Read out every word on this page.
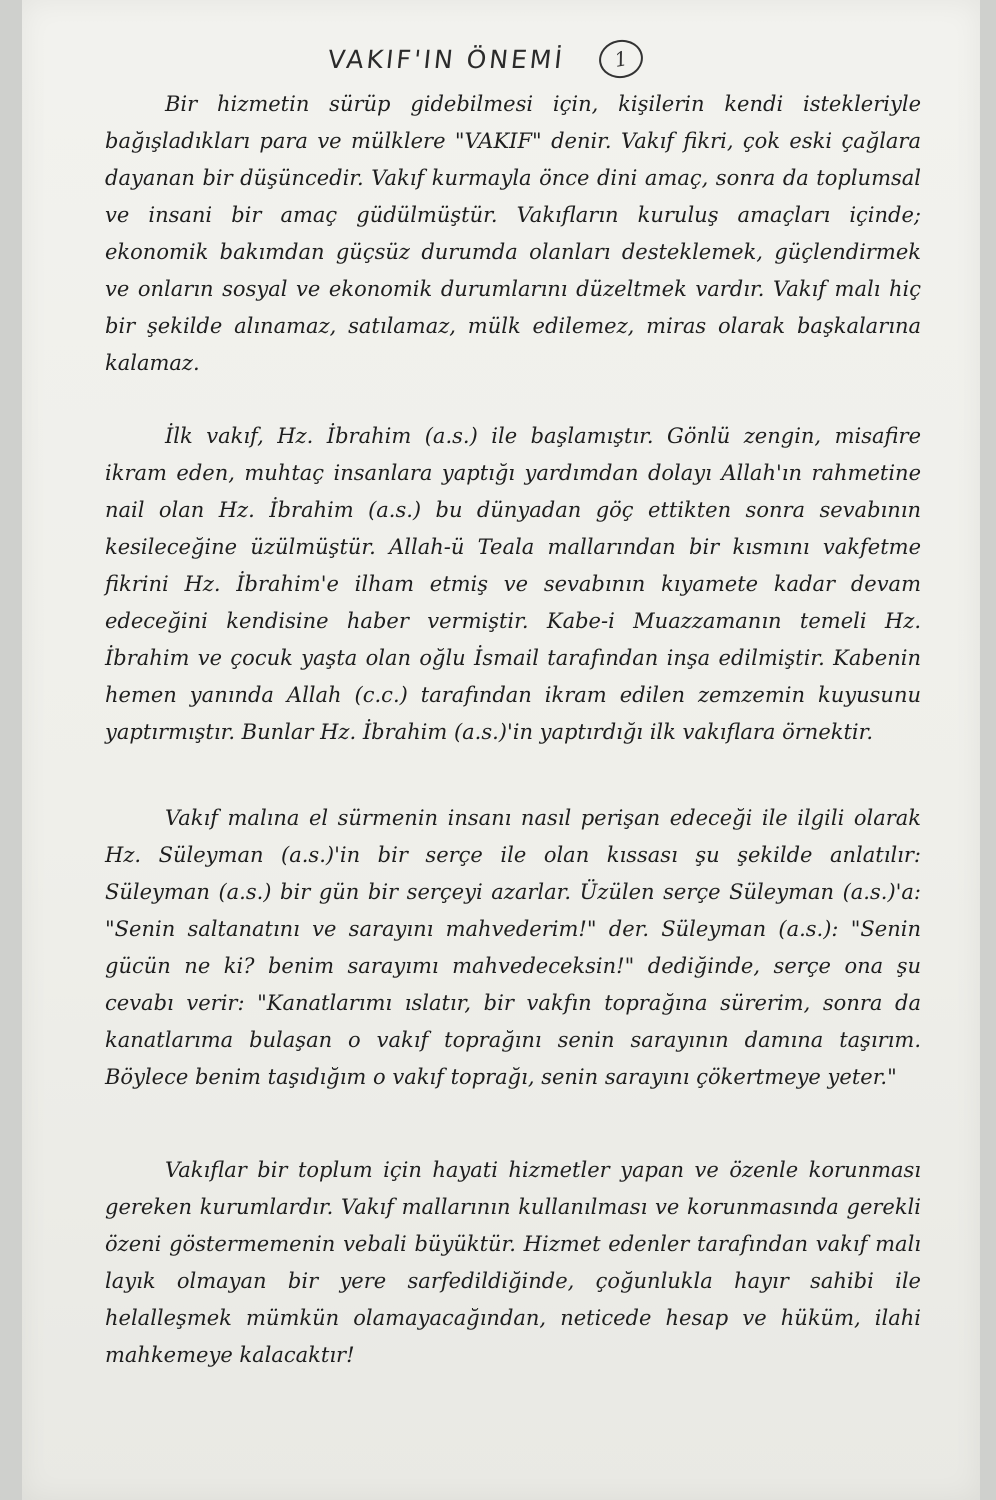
VAKIF'IN ÖNEMİ	1

Bir hizmetin sürüp gidebilmesi için, kişilerin kendi istekleriyle bağışladıkları para ve mülklere "VAKIF" denir. Vakıf fikri, çok eski çağlara dayanan bir düşüncedir. Vakıf kurmayla önce dini amaç, sonra da toplumsal ve insani bir amaç güdülmüştür. Vakıfların kuruluş amaçları içinde; ekonomik bakımdan güçsüz durumda olanları desteklemek, güçlendirmek ve onların sosyal ve ekonomik durumlarını düzeltmek vardır. Vakıf malı hiç bir şekilde alınamaz, satılamaz, mülk edilemez, miras olarak başkalarına kalamaz.

İlk vakıf, Hz. İbrahim (a.s.) ile başlamıştır. Gönlü zengin, misafire ikram eden, muhtaç insanlara yaptığı yardımdan dolayı Allah'ın rahmetine nail olan Hz. İbrahim (a.s.) bu dünyadan göç ettikten sonra sevabının kesileceğine üzülmüştür. Allah-ü Teala mallarından bir kısmını vakfetme fikrini Hz. İbrahim'e ilham etmiş ve sevabının kıyamete kadar devam edeceğini kendisine haber vermiştir. Kabe-i Muazzamanın temeli Hz. İbrahim ve çocuk yaşta olan oğlu İsmail tarafından inşa edilmiştir. Kabenin hemen yanında Allah (c.c.) tarafından ikram edilen zemzemin kuyusunu yaptırmıştır. Bunlar Hz. İbrahim (a.s.)'in yaptırdığı ilk vakıflara örnektir.

Vakıf malına el sürmenin insanı nasıl perişan edeceği ile ilgili olarak Hz. Süleyman (a.s.)'in bir serçe ile olan kıssası şu şekilde anlatılır: Süleyman (a.s.) bir gün bir serçeyi azarlar. Üzülen serçe Süleyman (a.s.)'a: "Senin saltanatını ve sarayını mahvederim!" der. Süleyman (a.s.): "Senin gücün ne ki? benim sarayımı mahvedeceksin!" dediğinde, serçe ona şu cevabı verir: "Kanatlarımı ıslatır, bir vakfın toprağına sürerim, sonra da kanatlarıma bulaşan o vakıf toprağını senin sarayının damına taşırım. Böylece benim taşıdığım o vakıf toprağı, senin sarayını çökertmeye yeter."

Vakıflar bir toplum için hayati hizmetler yapan ve özenle korunması gereken kurumlardır. Vakıf mallarının kullanılması ve korunmasında gerekli özeni göstermemenin vebali büyüktür. Hizmet edenler tarafından vakıf malı layık olmayan bir yere sarfedildiğinde, çoğunlukla hayır sahibi ile helalleşmek mümkün olamayacağından, neticede hesap ve hüküm, ilahi mahkemeye kalacaktır!
